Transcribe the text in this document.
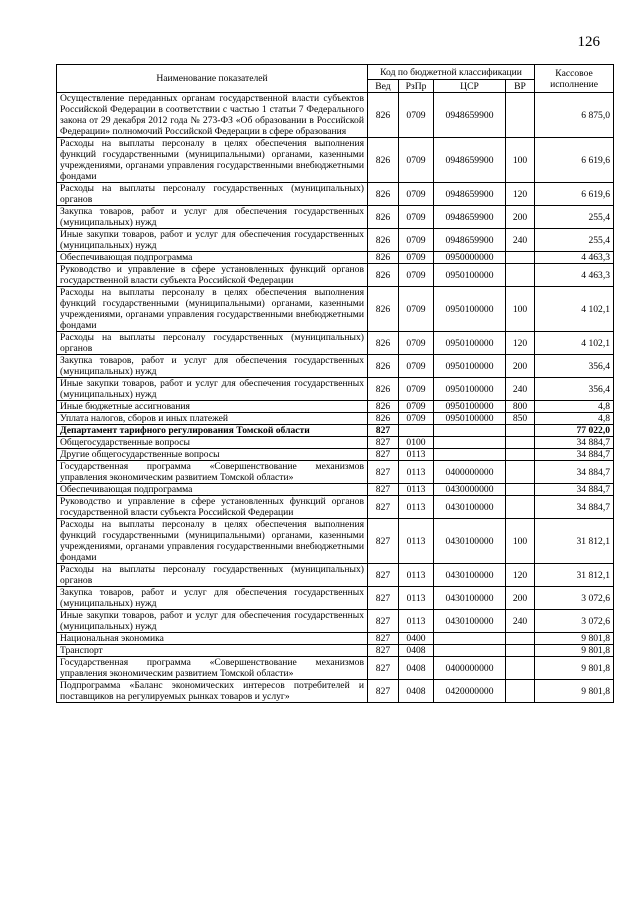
126
Наименование показателей	Код по бюджетной классификации				Кассовое исполнение
	Вед	РзПр	ЦСР	ВР	
Осуществление переданных органам государственной власти субъектов Российской Федерации в соответствии с частью 1 статьи 7 Федерального закона от 29 декабря 2012 года № 273-ФЗ «Об образовании в Российской Федерации» полномочий Российской Федерации в сфере образования	826	0709	0948659900		6 875,0
Расходы на выплаты персоналу в целях обеспечения выполнения функций государственными (муниципальными) органами, казенными учреждениями, органами управления государственными внебюджетными фондами	826	0709	0948659900	100	6 619,6
Расходы на выплаты персоналу государственных (муниципальных) органов	826	0709	0948659900	120	6 619,6
Закупка товаров, работ и услуг для обеспечения государственных (муниципальных) нужд	826	0709	0948659900	200	255,4
Иные закупки товаров, работ и услуг для обеспечения государственных (муниципальных) нужд	826	0709	0948659900	240	255,4
Обеспечивающая подпрограмма	826	0709	0950000000		4 463,3
Руководство и управление в сфере установленных функций органов государственной власти субъекта Российской Федерации	826	0709	0950100000		4 463,3
Расходы на выплаты персоналу в целях обеспечения выполнения функций государственными (муниципальными) органами, казенными учреждениями, органами управления государственными внебюджетными фондами	826	0709	0950100000	100	4 102,1
Расходы на выплаты персоналу государственных (муниципальных) органов	826	0709	0950100000	120	4 102,1
Закупка товаров, работ и услуг для обеспечения государственных (муниципальных) нужд	826	0709	0950100000	200	356,4
Иные закупки товаров, работ и услуг для обеспечения государственных (муниципальных) нужд	826	0709	0950100000	240	356,4
Иные бюджетные ассигнования	826	0709	0950100000	800	4,8
Уплата налогов, сборов и иных платежей	826	0709	0950100000	850	4,8
Департамент тарифного регулирования Томской области	827				77 022,0
Общегосударственные вопросы	827	0100			34 884,7
Другие общегосударственные вопросы	827	0113			34 884,7
Государственная программа «Совершенствование механизмов управления экономическим развитием Томской области»	827	0113	0400000000		34 884,7
Обеспечивающая подпрограмма	827	0113	0430000000		34 884,7
Руководство и управление в сфере установленных функций органов государственной власти субъекта Российской Федерации	827	0113	0430100000		34 884,7
Расходы на выплаты персоналу в целях обеспечения выполнения функций государственными (муниципальными) органами, казенными учреждениями, органами управления государственными внебюджетными фондами	827	0113	0430100000	100	31 812,1
Расходы на выплаты персоналу государственных (муниципальных) органов	827	0113	0430100000	120	31 812,1
Закупка товаров, работ и услуг для обеспечения государственных (муниципальных) нужд	827	0113	0430100000	200	3 072,6
Иные закупки товаров, работ и услуг для обеспечения государственных (муниципальных) нужд	827	0113	0430100000	240	3 072,6
Национальная экономика	827	0400			9 801,8
Транспорт	827	0408			9 801,8
Государственная программа «Совершенствование механизмов управления экономическим развитием Томской области»	827	0408	0400000000		9 801,8
Подпрограмма «Баланс экономических интересов потребителей и поставщиков на регулируемых рынках товаров и услуг»	827	0408	0420000000		9 801,8
